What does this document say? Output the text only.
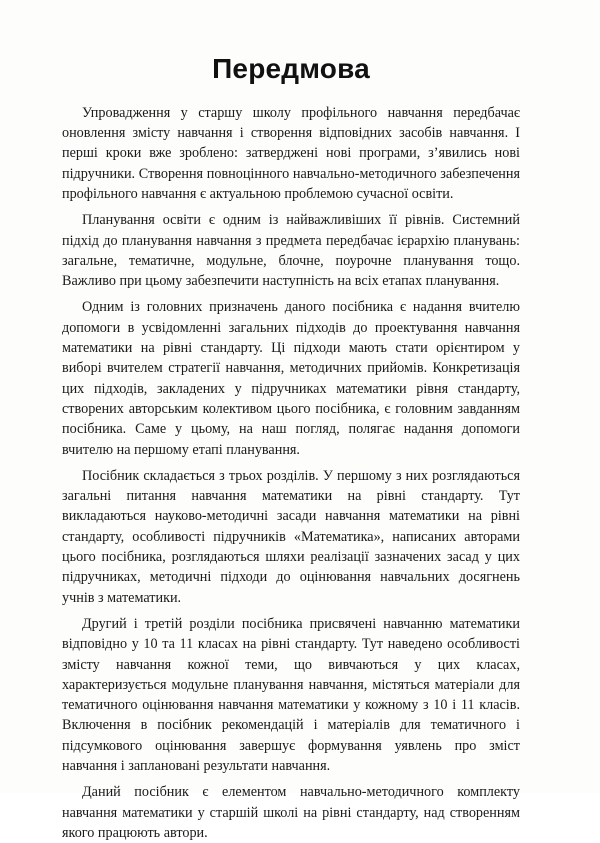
Передмова

Упровадження у старшу школу профільного навчання передбачає оновлення змісту навчання і створення відповідних засобів навчання. І перші кроки вже зроблено: затверджені нові програми, з’явились нові підручники. Створення повноцінного навчально-методичного забезпечення профільного навчання є актуальною проблемою сучасної освіти.

Планування освіти є одним із найважливіших її рівнів. Системний підхід до планування навчання з предмета передбачає ієрархію планувань: загальне, тематичне, модульне, блочне, поурочне планування тощо. Важливо при цьому забезпечити наступність на всіх етапах планування.

Одним із головних призначень даного посібника є надання вчителю допомоги в усвідомленні загальних підходів до проектування навчання математики на рівні стандарту. Ці підходи мають стати орієнтиром у виборі вчителем стратегії навчання, методичних прийомів. Конкретизація цих підходів, закладених у підручниках математики рівня стандарту, створених авторським колективом цього посібника, є головним завданням посібника. Саме у цьому, на наш погляд, полягає надання допомоги вчителю на першому етапі планування.

Посібник складається з трьох розділів. У першому з них розглядаються загальні питання навчання математики на рівні стандарту. Тут викладаються науково-методичні засади навчання математики на рівні стандарту, особливості підручників «Математика», написаних авторами цього посібника, розглядаються шляхи реалізації зазначених засад у цих підручниках, методичні підходи до оцінювання навчальних досягнень учнів з математики.

Другий і третій розділи посібника присвячені навчанню математики відповідно у 10 та 11 класах на рівні стандарту. Тут наведено особливості змісту навчання кожної теми, що вивчаються у цих класах, характеризується модульне планування навчання, містяться матеріали для тематичного оцінювання навчання математики у кожному з 10 і 11 класів. Включення в посібник рекомендацій і матеріалів для тематичного і підсумкового оцінювання завершує формування уявлень про зміст навчання і заплановані результати навчання.

Даний посібник є елементом навчально-методичного комплекту навчання математики у старшій школі на рівні стандарту, над створенням якого працюють автори.
